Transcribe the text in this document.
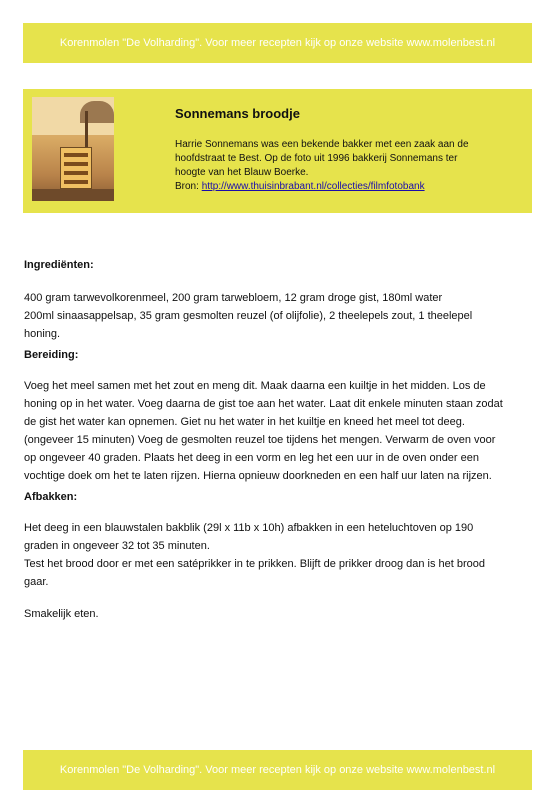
Korenmolen "De Volharding". Voor meer recepten kijk op onze website www.molenbest.nl
Sonnemans broodje
Harrie Sonnemans was een bekende bakker met een zaak aan de
hoofdstraat te Best. Op de foto uit 1996 bakkerij Sonnemans ter
hoogte van het Blauw Boerke.
Bron: http://www.thuisinbrabant.nl/collecties/filmfotobank
Ingrediënten:

400 gram tarwevolkorenmeel, 200 gram tarwebloem, 12 gram droge gist, 180ml water

200ml sinaasappelsap, 35 gram gesmolten reuzel (of olijfolie), 2 theelepels zout, 1 theelepel

honing.

Bereiding:

Voeg het meel samen met het zout en meng dit. Maak daarna een kuiltje in het midden. Los de

honing op in het water. Voeg daarna de gist toe aan het water. Laat dit enkele minuten staan zodat

de gist het water kan opnemen. Giet nu het water in het kuiltje en kneed het meel tot deeg.

(ongeveer 15 minuten) Voeg de gesmolten reuzel toe tijdens het mengen. Verwarm de oven voor

op ongeveer 40 graden. Plaats het deeg in een vorm en leg het een uur in de oven onder een

vochtige doek om het te laten rijzen. Hierna opnieuw doorkneden en een half uur laten na rijzen.

Afbakken:

Het deeg in een blauwstalen bakblik (29l x 11b x 10h) afbakken in een heteluchtoven op 190

graden in ongeveer 32 tot 35 minuten.

Test het brood door er met een satéprikker in te prikken. Blijft de prikker droog dan is het brood

gaar.

Smakelijk eten.

Korenmolen "De Volharding". Voor meer recepten kijk op onze website www.molenbest.nl
